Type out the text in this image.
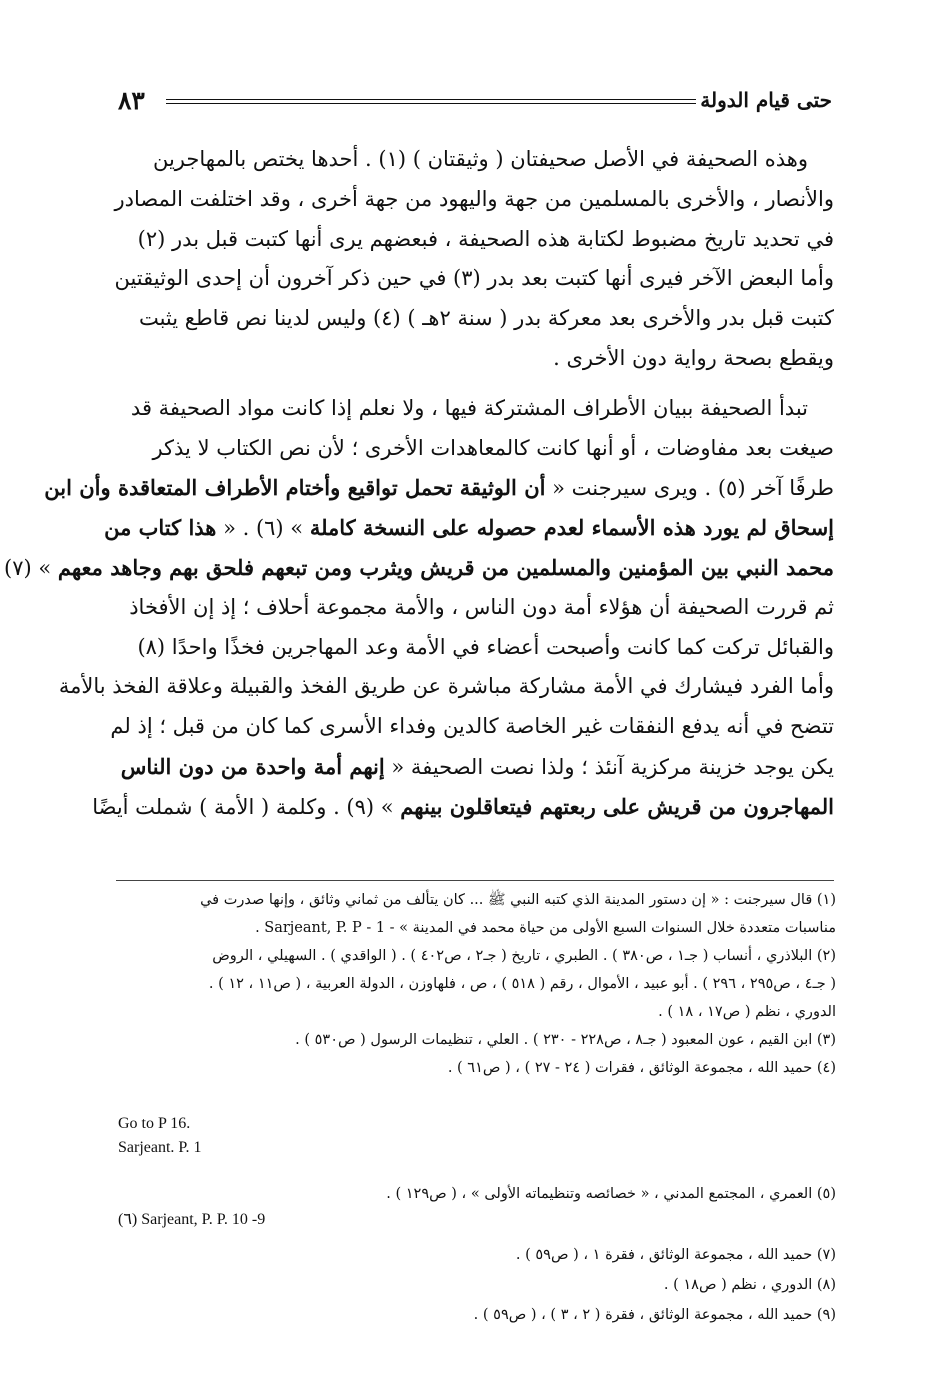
٨٣	حتى قيام الدولة
وهذه الصحيفة في الأصل صحيفتان ( وثيقتان ) (١) . أحدها يختص بالمهاجرين
والأنصار ، والأخرى بالمسلمين من جهة واليهود من جهة أخرى ، وقد اختلفت المصادر
في تحديد تاريخ مضبوط لكتابة هذه الصحيفة ، فبعضهم يرى أنها كتبت قبل بدر (٢)
وأما البعض الآخر فيرى أنها كتبت بعد بدر (٣) في حين ذكر آخرون أن إحدى الوثيقتين
كتبت قبل بدر والأخرى بعد معركة بدر ( سنة ٢هـ ) (٤) وليس لدينا نص قاطع يثبت
ويقطع بصحة رواية دون الأخرى .
تبدأ الصحيفة ببيان الأطراف المشتركة فيها ، ولا نعلم إذا كانت مواد الصحيفة قد
صيغت بعد مفاوضات ، أو أنها كانت كالمعاهدات الأخرى ؛ لأن نص الكتاب لا يذكر
طرفًا آخر (٥) . ويرى سيرجنت « أن الوثيقة تحمل تواقيع وأختام الأطراف المتعاقدة وأن ابن
إسحاق لم يورد هذه الأسماء لعدم حصوله على النسخة كاملة » (٦) . « هذا كتاب من
محمد النبي بين المؤمنين والمسلمين من قريش ويثرب ومن تبعهم فلحق بهم وجاهد معهم » (٧)
ثم قررت الصحيفة أن هؤلاء أمة دون الناس ، والأمة مجموعة أحلاف ؛ إذ إن الأفخاذ
والقبائل تركت كما كانت وأصبحت أعضاء في الأمة وعد المهاجرين فخذًا واحدًا (٨)
وأما الفرد فيشارك في الأمة مشاركة مباشرة عن طريق الفخذ والقبيلة وعلاقة الفخذ بالأمة
تتضح في أنه يدفع النفقات غير الخاصة كالدين وفداء الأسرى كما كان من قبل ؛ إذ لم
يكن يوجد خزينة مركزية آنئذ ؛ ولذا نصت الصحيفة « إنهم أمة واحدة من دون الناس
المهاجرون من قريش على ربعتهم فيتعاقلون بينهم » (٩) . وكلمة ( الأمة ) شملت أيضًا
(١) قال سيرجنت : « إن دستور المدينة الذي كتبه النبي ﷺ ... كان يتألف من ثماني وثائق ، وإنها صدرت في
مناسبات متعددة خلال السنوات السبع الأولى من حياة محمد في المدينة » - Sarjeant, P. P - 1 .
(٢) البلاذري ، أنساب ( جـ١ ، ص٣٨٠ ) . الطبري ، تاريخ ( جـ٢ ، ص٤٠٢ ) . ( الواقدي ) . السهيلي ، الروض
( جـ٤ ، ص٢٩٥ ، ٢٩٦ ) . أبو عبيد ، الأموال ، رقم ( ٥١٨ ) ، ص ، فلهاوزن ، الدولة العربية ، ( ص١١ ، ١٢ ) .
الدوري ، نظم ( ص١٧ ، ١٨ ) .
(٣) ابن القيم ، عون المعبود ( جـ٨ ، ص٢٢٨ - ٢٣٠ ) . العلي ، تنظيمات الرسول ( ص٥٣٠ ) .
(٤) حميد الله ، مجموعة الوثائق ، فقرات ( ٢٤ - ٢٧ ) ، ( ص٦١ ) .
Go to P 16.
Sarjeant. P. 1
(٥) العمري ، المجتمع المدني ، « خصائصه وتنظيماته الأولى » ، ( ص١٢٩ ) .
(٦) Sarjeant, P. P. 10 -9
(٧) حميد الله ، مجموعة الوثائق ، فقرة ١ ، ( ص٥٩ ) .
(٨) الدوري ، نظم ( ص١٨ ) .
(٩) حميد الله ، مجموعة الوثائق ، فقرة ( ٢ ، ٣ ) ، ( ص٥٩ ) .
